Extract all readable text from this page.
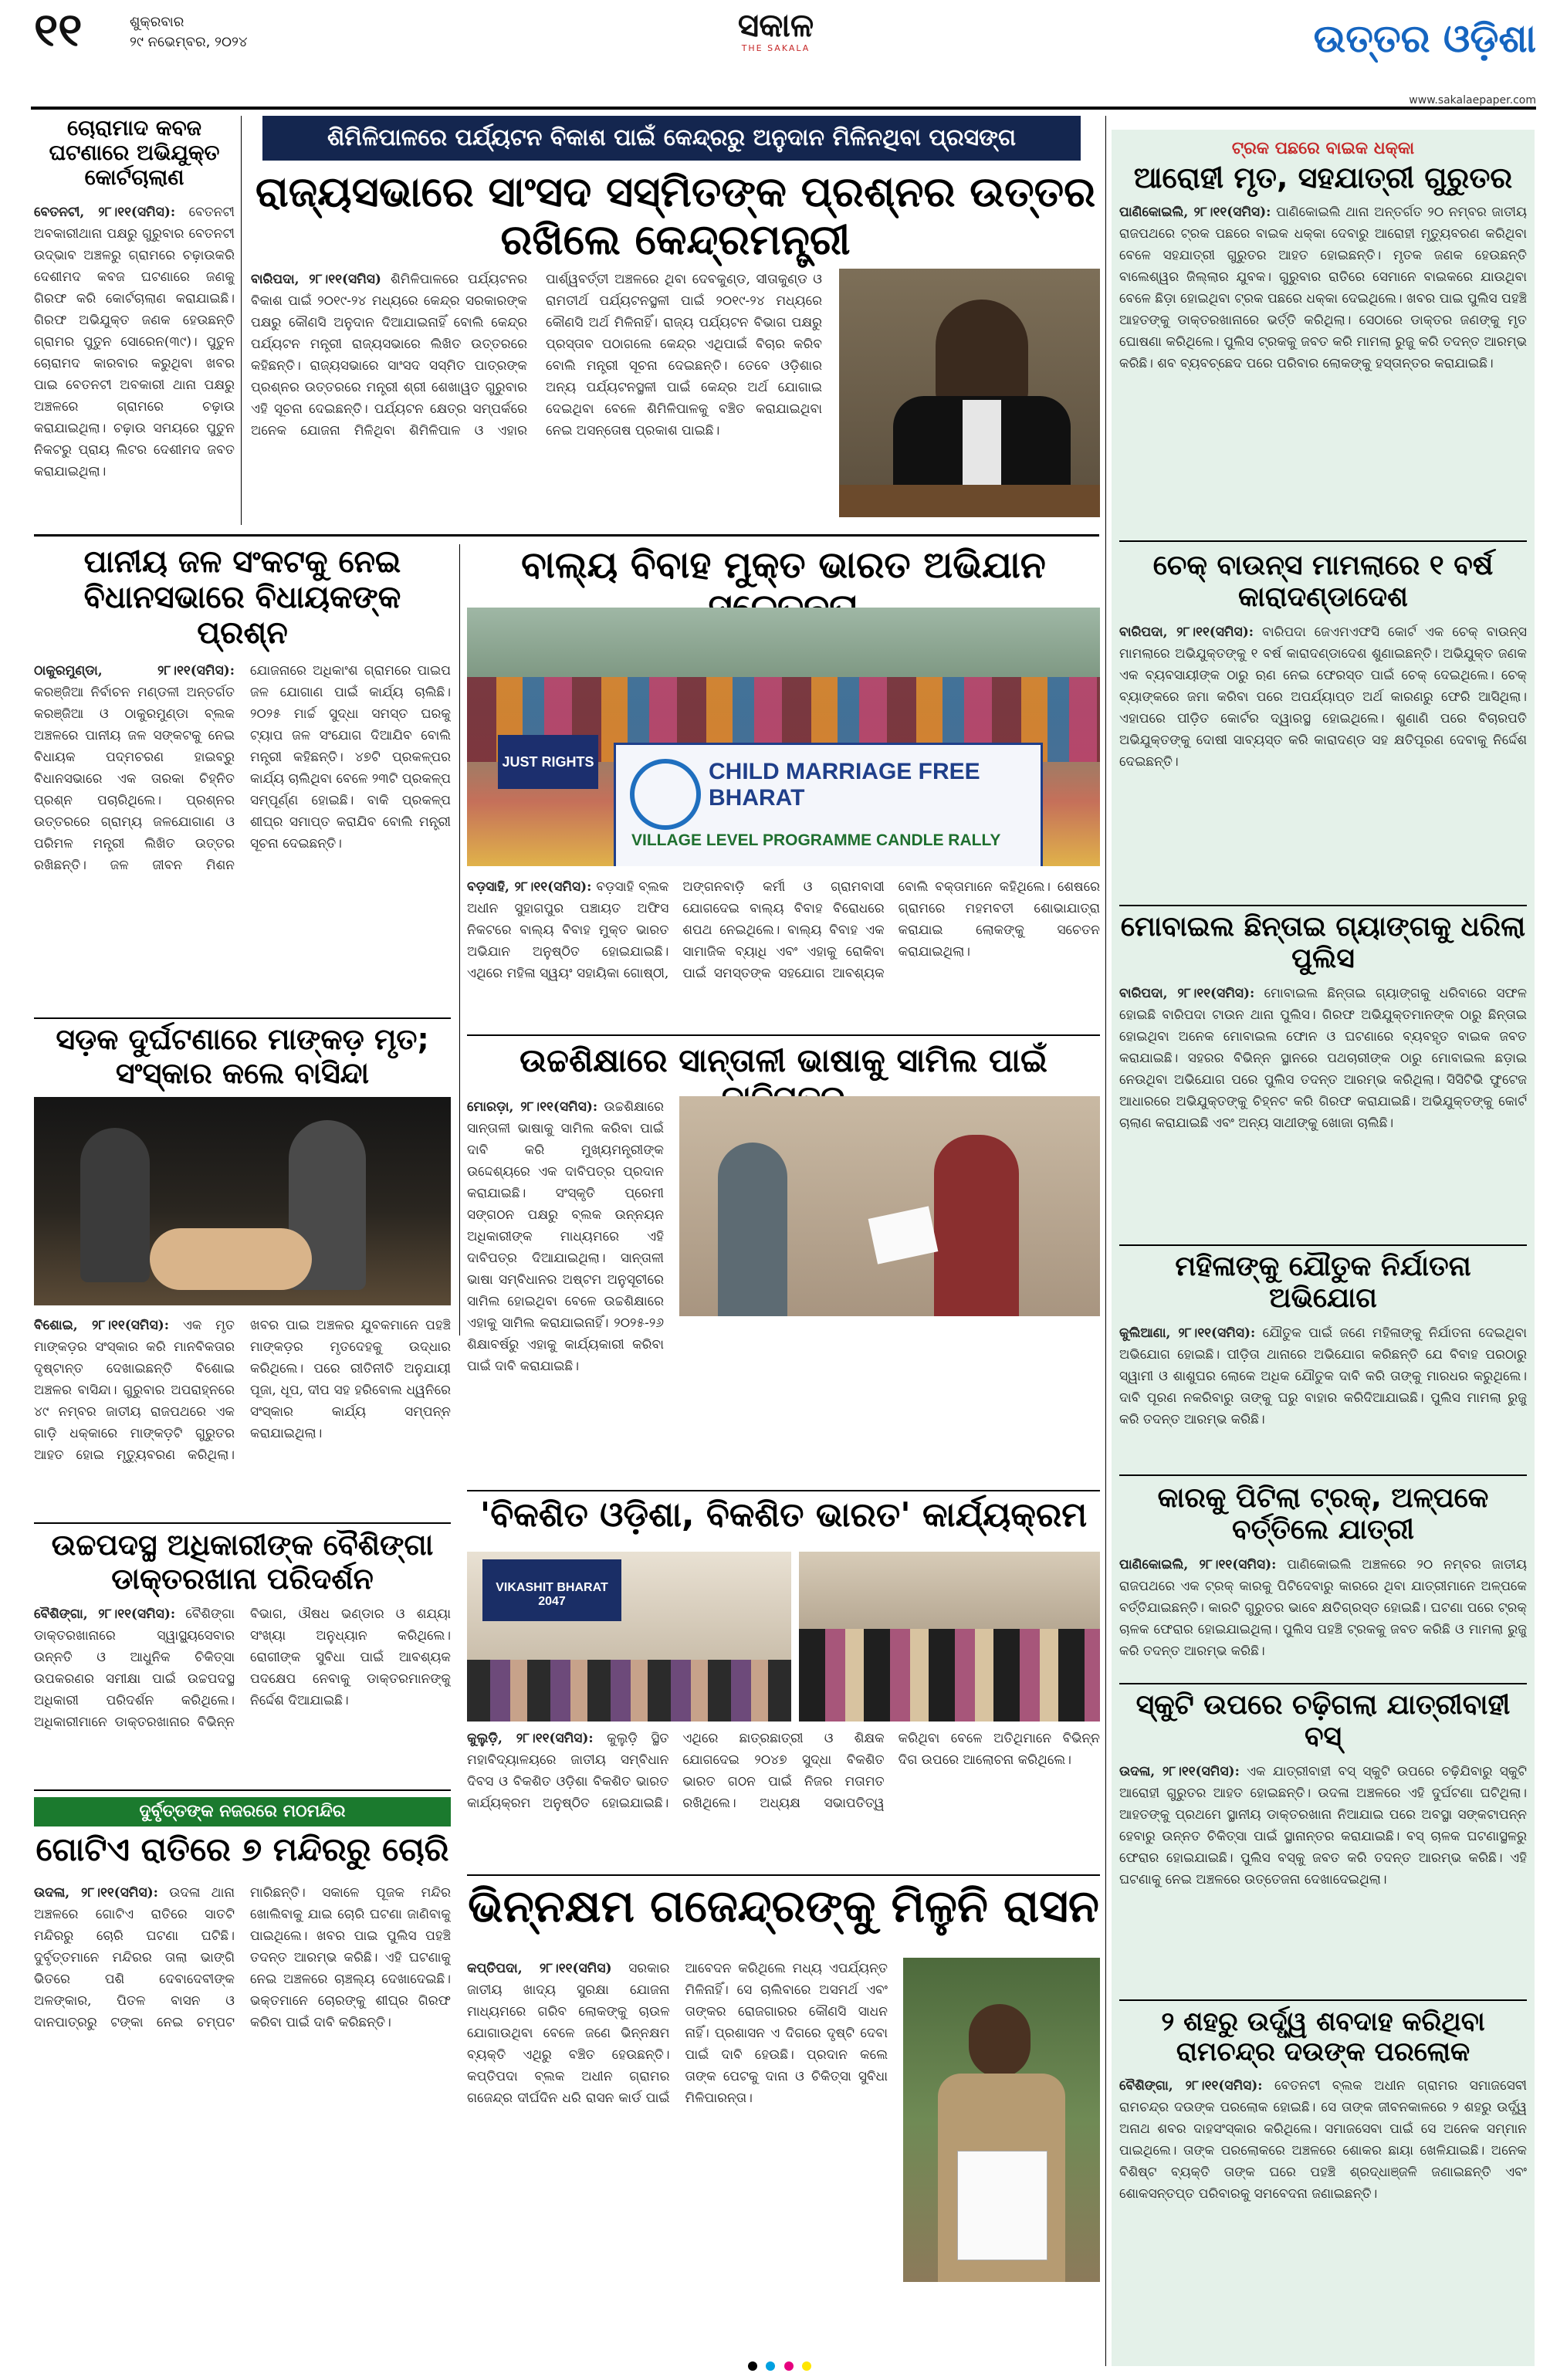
୧୧	ଶୁକ୍ରବାର
୨୯ ନଭେମ୍ବର, ୨୦୨୪	ସକାଳ
THE SAKALA	ଉତ୍ତର ଓଡ଼ିଶା
www.sakalaepaper.com
ଚୋରାମାଦ କବଜ ଘଟଣାରେ ଅଭିଯୁକ୍ତ କୋର୍ଟଚାଲାଣ
ବେତନଟୀ, ୨୮।୧୧(ସମିସ): ବେତନଟୀ ଅବକାରୀଥାନା ପକ୍ଷରୁ ଗୁରୁବାର ବେତନଟୀ ଉଦ୍ଭାବ ଅଞ୍ଚଳରୁ ଗ୍ରାମରେ ଚଢ଼ାଉକରି ଦେଶୀମଦ କବଜ ଘଟଣାରେ ଜଣକୁ ଗିରଫ କରି କୋର୍ଟଚାଲାଣ କରାଯାଇଛି। ଗିରଫ ଅଭିଯୁକ୍ତ ଜଣକ ହେଉଛନ୍ତି ଗ୍ରାମର ପୁତୁନ ସୋରେନ(୩୯)। ପୁତୁନ ଚୋରାମଦ କାରବାର କରୁଥିବା ଖବର ପାଇ ବେତନଟୀ ଅବକାରୀ ଥାନା ପକ୍ଷରୁ ଅଞ୍ଚଳରେ ଗ୍ରାମରେ ଚଢ଼ାଉ କରାଯାଇଥିଲା। ଚଢ଼ାଉ ସମୟରେ ପୁତୁନ ନିକଟରୁ ପ୍ରାୟ ଲିଟର ଦେଶୀମଦ ଜବତ କରାଯାଇଥିଲା।
ଶିମିଳିପାଳରେ ପର୍ଯ୍ୟଟନ ବିକାଶ ପାଇଁ କେନ୍ଦ୍ରରୁ ଅନୁଦାନ ମିଳିନଥିବା ପ୍ରସଙ୍ଗ
ରାଜ୍ୟସଭାରେ ସାଂସଦ ସସ୍ମିତଙ୍କ ପ୍ରଶ୍ନର ଉତ୍ତର ରଖିଲେ କେନ୍ଦ୍ରମନ୍ତ୍ରୀ
ବାରିପଦା, ୨୮।୧୧(ସମିସ) ଶିମିଳିପାଳରେ ପର୍ଯ୍ୟଟନର ବିକାଶ ପାଇଁ ୨୦୧୯-୨୪ ମଧ୍ୟରେ କେନ୍ଦ୍ର ସରକାରଙ୍କ ପକ୍ଷରୁ କୌଣସି ଅନୁଦାନ ଦିଆଯାଇନାହିଁ ବୋଲି କେନ୍ଦ୍ର ପର୍ଯ୍ୟଟନ ମନ୍ତ୍ରୀ ରାଜ୍ୟସଭାରେ ଲିଖିତ ଉତ୍ତରରେ କହିଛନ୍ତି। ରାଜ୍ୟସଭାରେ ସାଂସଦ ସସ୍ମିତ ପାତ୍ରଙ୍କ ପ୍ରଶ୍ନର ଉତ୍ତରରେ ମନ୍ତ୍ରୀ ଶ୍ରୀ ଶେଖାୱତ ଗୁରୁବାର ଏହି ସୂଚନା ଦେଇଛନ୍ତି। ପର୍ଯ୍ୟଟନ କ୍ଷେତ୍ର ସମ୍ପର୍କରେ ଅନେକ ଯୋଜନା ମିଳିଥିବା ଶିମିଳିପାଳ ଓ ଏହାର ପାର୍ଶ୍ୱବର୍ତ୍ତୀ ଅଞ୍ଚଳରେ ଥିବା ଦେବକୁଣ୍ଡ, ସୀତାକୁଣ୍ଡ ଓ ରାମତୀର୍ଥ ପର୍ଯ୍ୟଟନସ୍ଥଳୀ ପାଇଁ ୨୦୧୯-୨୪ ମଧ୍ୟରେ କୌଣସି ଅର୍ଥ ମିଳିନାହିଁ। ରାଜ୍ୟ ପର୍ଯ୍ୟଟନ ବିଭାଗ ପକ୍ଷରୁ ପ୍ରସ୍ତାବ ପଠାଗଲେ କେନ୍ଦ୍ର ଏଥିପାଇଁ ବିଚାର କରିବ ବୋଲି ମନ୍ତ୍ରୀ ସୂଚନା ଦେଇଛନ୍ତି। ତେବେ ଓଡ଼ିଶାର ଅନ୍ୟ ପର୍ଯ୍ୟଟନସ୍ଥଳୀ ପାଇଁ କେନ୍ଦ୍ର ଅର୍ଥ ଯୋଗାଇ ଦେଇଥିବା ବେଳେ ଶିମିଳିପାଳକୁ ବଞ୍ଚିତ କରାଯାଇଥିବା ନେଇ ଅସନ୍ତୋଷ ପ୍ରକାଶ ପାଇଛି।
ଟ୍ରକ ପଛରେ ବାଇକ ଧକ୍କା
ଆରୋହୀ ମୃତ, ସହଯାତ୍ରୀ ଗୁରୁତର
ପାଣିକୋଇଲି, ୨୮।୧୧(ସମିସ): ପାଣିକୋଇଲି ଥାନା ଅନ୍ତର୍ଗତ ୨୦ ନମ୍ବର ଜାତୀୟ ରାଜପଥରେ ଟ୍ରକ ପଛରେ ବାଇକ ଧକ୍କା ଦେବାରୁ ଆରୋହୀ ମୃତ୍ୟୁବରଣ କରିଥିବା ବେଳେ ସହଯାତ୍ରୀ ଗୁରୁତର ଆହତ ହୋଇଛନ୍ତି। ମୃତକ ଜଣକ ହେଉଛନ୍ତି ବାଲେଶ୍ୱର ଜିଲ୍ଲାର ଯୁବକ। ଗୁରୁବାର ରାତିରେ ସେମାନେ ବାଇକରେ ଯାଉଥିବା ବେଳେ ଛିଡ଼ା ହୋଇଥିବା ଟ୍ରକ ପଛରେ ଧକ୍କା ଦେଇଥିଲେ। ଖବର ପାଇ ପୁଲିସ ପହଞ୍ଚି ଆହତଙ୍କୁ ଡାକ୍ତରଖାନାରେ ଭର୍ତ୍ତି କରିଥିଲା। ସେଠାରେ ଡାକ୍ତର ଜଣଙ୍କୁ ମୃତ ଘୋଷଣା କରିଥିଲେ। ପୁଲିସ ଟ୍ରକକୁ ଜବତ କରି ମାମଲା ରୁଜୁ କରି ତଦନ୍ତ ଆରମ୍ଭ କରିଛି। ଶବ ବ୍ୟବଚ୍ଛେଦ ପରେ ପରିବାର ଲୋକଙ୍କୁ ହସ୍ତାନ୍ତର କରାଯାଇଛି।
ଚେକ୍ ବାଉନ୍ସ ମାମଲାରେ ୧ ବର୍ଷ କାରାଦଣ୍ଡାଦେଶ
ବାରିପଦା, ୨୮।୧୧(ସମିସ): ବାରିପଦା ଜେଏମଏଫସି କୋର୍ଟ ଏକ ଚେକ୍ ବାଉନ୍ସ ମାମଲାରେ ଅଭିଯୁକ୍ତଙ୍କୁ ୧ ବର୍ଷ କାରାଦଣ୍ଡାଦେଶ ଶୁଣାଇଛନ୍ତି। ଅଭିଯୁକ୍ତ ଜଣକ ଏକ ବ୍ୟବସାୟୀଙ୍କ ଠାରୁ ଋଣ ନେଇ ଫେରସ୍ତ ପାଇଁ ଚେକ୍ ଦେଇଥିଲେ। ଚେକ୍ ବ୍ୟାଙ୍କରେ ଜମା କରିବା ପରେ ଅପର୍ଯ୍ୟାପ୍ତ ଅର୍ଥ କାରଣରୁ ଫେରି ଆସିଥିଲା। ଏହାପରେ ପୀଡ଼ିତ କୋର୍ଟର ଦ୍ୱାରସ୍ଥ ହୋଇଥିଲେ। ଶୁଣାଣି ପରେ ବିଚାରପତି ଅଭିଯୁକ୍ତଙ୍କୁ ଦୋଷୀ ସାବ୍ୟସ୍ତ କରି କାରାଦଣ୍ଡ ସହ କ୍ଷତିପୂରଣ ଦେବାକୁ ନିର୍ଦ୍ଦେଶ ଦେଇଛନ୍ତି।
ମୋବାଇଲ ଛିନ୍ତାଇ ଗ୍ୟାଙ୍ଗକୁ ଧରିଲା ପୁଲିସ
ବାରିପଦା, ୨୮।୧୧(ସମିସ): ମୋବାଇଲ ଛିନ୍ତାଇ ଗ୍ୟାଙ୍ଗକୁ ଧରିବାରେ ସଫଳ ହୋଇଛି ବାରିପଦା ଟାଉନ ଥାନା ପୁଲିସ। ଗିରଫ ଅଭିଯୁକ୍ତମାନଙ୍କ ଠାରୁ ଛିନ୍ତାଇ ହୋଇଥିବା ଅନେକ ମୋବାଇଲ ଫୋନ ଓ ଘଟଣାରେ ବ୍ୟବହୃତ ବାଇକ ଜବତ କରାଯାଇଛି। ସହରର ବିଭିନ୍ନ ସ୍ଥାନରେ ପଥଚାରୀଙ୍କ ଠାରୁ ମୋବାଇଲ ଛଡ଼ାଇ ନେଉଥିବା ଅଭିଯୋଗ ପରେ ପୁଲିସ ତଦନ୍ତ ଆରମ୍ଭ କରିଥିଲା। ସିସିଟିଭି ଫୁଟେଜ ଆଧାରରେ ଅଭିଯୁକ୍ତଙ୍କୁ ଚିହ୍ନଟ କରି ଗିରଫ କରାଯାଇଛି। ଅଭିଯୁକ୍ତଙ୍କୁ କୋର୍ଟ ଚାଲାଣ କରାଯାଇଛି ଏବଂ ଅନ୍ୟ ସାଥୀଙ୍କୁ ଖୋଜା ଚାଲିଛି।
ମହିଳାଙ୍କୁ ଯୌତୁକ ନିର୍ଯାତନା ଅଭିଯୋଗ
କୁଲିଆଣା, ୨୮।୧୧(ସମିସ): ଯୌତୁକ ପାଇଁ ଜଣେ ମହିଳାଙ୍କୁ ନିର୍ଯାତନା ଦେଇଥିବା ଅଭିଯୋଗ ହୋଇଛି। ପୀଡ଼ିତା ଥାନାରେ ଅଭିଯୋଗ କରିଛନ୍ତି ଯେ ବିବାହ ପରଠାରୁ ସ୍ୱାମୀ ଓ ଶାଶୁଘର ଲୋକେ ଅଧିକ ଯୌତୁକ ଦାବି କରି ତାଙ୍କୁ ମାରଧର କରୁଥିଲେ। ଦାବି ପୂରଣ ନକରିବାରୁ ତାଙ୍କୁ ଘରୁ ବାହାର କରିଦିଆଯାଇଛି। ପୁଲିସ ମାମଲା ରୁଜୁ କରି ତଦନ୍ତ ଆରମ୍ଭ କରିଛି।
କାରକୁ ପିଟିଲା ଟ୍ରକ୍, ଅଳ୍ପକେ ବର୍ତ୍ତିଲେ ଯାତ୍ରୀ
ପାଣିକୋଇଲି, ୨୮।୧୧(ସମିସ): ପାଣିକୋଇଲି ଅଞ୍ଚଳରେ ୨୦ ନମ୍ବର ଜାତୀୟ ରାଜପଥରେ ଏକ ଟ୍ରକ୍ କାରକୁ ପିଟିଦେବାରୁ କାରରେ ଥିବା ଯାତ୍ରୀମାନେ ଅଳ୍ପକେ ବର୍ତ୍ତିଯାଇଛନ୍ତି। କାରଟି ଗୁରୁତର ଭାବେ କ୍ଷତିଗ୍ରସ୍ତ ହୋଇଛି। ଘଟଣା ପରେ ଟ୍ରକ୍ ଚାଳକ ଫେରାର ହୋଇଯାଇଥିଲା। ପୁଲିସ ପହଞ୍ଚି ଟ୍ରକକୁ ଜବତ କରିଛି ଓ ମାମଲା ରୁଜୁ କରି ତଦନ୍ତ ଆରମ୍ଭ କରିଛି।
ସ୍କୁଟି ଉପରେ ଚଢ଼ିଗଲା ଯାତ୍ରୀବାହୀ ବସ୍
ଉଦଳା, ୨୮।୧୧(ସମିସ): ଏକ ଯାତ୍ରୀବାହୀ ବସ୍ ସ୍କୁଟି ଉପରେ ଚଢ଼ିଯିବାରୁ ସ୍କୁଟି ଆରୋହୀ ଗୁରୁତର ଆହତ ହୋଇଛନ୍ତି। ଉଦଳା ଅଞ୍ଚଳରେ ଏହି ଦୁର୍ଘଟଣା ଘଟିଥିଲା। ଆହତଙ୍କୁ ପ୍ରଥମେ ସ୍ଥାନୀୟ ଡାକ୍ତରଖାନା ନିଆଯାଇ ପରେ ଅବସ୍ଥା ସଙ୍କଟାପନ୍ନ ହେବାରୁ ଉନ୍ନତ ଚିକିତ୍ସା ପାଇଁ ସ୍ଥାନାନ୍ତର କରାଯାଇଛି। ବସ୍ ଚାଳକ ଘଟଣାସ୍ଥଳରୁ ଫେରାର ହୋଇଯାଇଛି। ପୁଲିସ ବସ୍‌କୁ ଜବତ କରି ତଦନ୍ତ ଆରମ୍ଭ କରିଛି। ଏହି ଘଟଣାକୁ ନେଇ ଅଞ୍ଚଳରେ ଉତ୍ତେଜନା ଦେଖାଦେଇଥିଲା।
୨ ଶହରୁ ଉର୍ଦ୍ଧ୍ୱ ଶବଦାହ କରିଥିବା ରାମଚନ୍ଦ୍ର ଦଉଙ୍କ ପରଲୋକ
ବୈଶିଙ୍ଗା, ୨୮।୧୧(ସମିସ): ବେତନଟୀ ବ୍ଲକ ଅଧୀନ ଗ୍ରାମର ସମାଜସେବୀ ରାମଚନ୍ଦ୍ର ଦଉଙ୍କ ପରଲୋକ ହୋଇଛି। ସେ ତାଙ୍କ ଜୀବନକାଳରେ ୨ ଶହରୁ ଉର୍ଦ୍ଧ୍ୱ ଅନାଥ ଶବର ଦାହସଂସ୍କାର କରିଥିଲେ। ସମାଜସେବା ପାଇଁ ସେ ଅନେକ ସମ୍ମାନ ପାଇଥିଲେ। ତାଙ୍କ ପରଲୋକରେ ଅଞ୍ଚଳରେ ଶୋକର ଛାୟା ଖେଳିଯାଇଛି। ଅନେକ ବିଶିଷ୍ଟ ବ୍ୟକ୍ତି ତାଙ୍କ ଘରେ ପହଞ୍ଚି ଶ୍ରଦ୍ଧାଞ୍ଜଳି ଜଣାଇଛନ୍ତି ଏବଂ ଶୋକସନ୍ତପ୍ତ ପରିବାରକୁ ସମବେଦନା ଜଣାଇଛନ୍ତି।
ପାନୀୟ ଜଳ ସଂକଟକୁ ନେଇ ବିଧାନସଭାରେ ବିଧାୟକଙ୍କ ପ୍ରଶ୍ନ
ଠାକୁରମୁଣ୍ଡା, ୨୮।୧୧(ସମିସ): କରଞ୍ଜିଆ ନିର୍ବାଚନ ମଣ୍ଡଳୀ ଅନ୍ତର୍ଗତ କରଞ୍ଜିଆ ଓ ଠାକୁରମୁଣ୍ଡା ବ୍ଲକ ଅଞ୍ଚଳରେ ପାନୀୟ ଜଳ ସଙ୍କଟକୁ ନେଇ ବିଧାୟକ ପଦ୍ମଚରଣ ହାଇବ୍ରୁ ବିଧାନସଭାରେ ଏକ ତାରକା ଚିହ୍ନିତ ପ୍ରଶ୍ନ ପଚାରିଥିଲେ। ପ୍ରଶ୍ନର ଉତ୍ତରରେ ଗ୍ରାମ୍ୟ ଜଳଯୋଗାଣ ଓ ପରିମଳ ମନ୍ତ୍ରୀ ଲିଖିତ ଉତ୍ତର ରଖିଛନ୍ତି। ଜଳ ଜୀବନ ମିଶନ ଯୋଜନାରେ ଅଧିକାଂଶ ଗ୍ରାମରେ ପାଇପ ଜଳ ଯୋଗାଣ ପାଇଁ କାର୍ଯ୍ୟ ଚାଲିଛି। ୨୦୨୫ ମାର୍ଚ୍ଚ ସୁଦ୍ଧା ସମସ୍ତ ଘରକୁ ଟ୍ୟାପ ଜଳ ସଂଯୋଗ ଦିଆଯିବ ବୋଲି ମନ୍ତ୍ରୀ କହିଛନ୍ତି। ୪୭ଟି ପ୍ରକଳ୍ପର କାର୍ଯ୍ୟ ଚାଲିଥିବା ବେଳେ ୨୩ଟି ପ୍ରକଳ୍ପ ସମ୍ପୂର୍ଣ୍ଣ ହୋଇଛି। ବାକି ପ୍ରକଳ୍ପ ଶୀଘ୍ର ସମାପ୍ତ କରାଯିବ ବୋଲି ମନ୍ତ୍ରୀ ସୂଚନା ଦେଇଛନ୍ତି।
ବାଲ୍ୟ ବିବାହ ମୁକ୍ତ ଭାରତ ଅଭିଯାନ
CHILD MARRIAGE FREE BHARAT
VILLAGE LEVEL PROGRAMME CANDLE RALLY
JUST RIGHTS
ବଡ଼ସାହି, ୨୮।୧୧(ସମିସ): ବଡ଼ସାହି ବ୍ଲକ ଅଧୀନ ସୁହାଗପୁର ପଞ୍ଚାୟତ ଅଫିସ ନିକଟରେ ବାଲ୍ୟ ବିବାହ ମୁକ୍ତ ଭାରତ ଅଭିଯାନ ଅନୁଷ୍ଠିତ ହୋଇଯାଇଛି। ଏଥିରେ ମହିଳା ସ୍ୱୟଂ ସହାୟିକା ଗୋଷ୍ଠୀ, ଅଙ୍ଗନବାଡ଼ି କର୍ମୀ ଓ ଗ୍ରାମବାସୀ ଯୋଗଦେଇ ବାଲ୍ୟ ବିବାହ ବିରୋଧରେ ଶପଥ ନେଇଥିଲେ। ବାଲ୍ୟ ବିବାହ ଏକ ସାମାଜିକ ବ୍ୟାଧି ଏବଂ ଏହାକୁ ରୋକିବା ପାଇଁ ସମସ୍ତଙ୍କ ସହଯୋଗ ଆବଶ୍ୟକ ବୋଲି ବକ୍ତାମାନେ କହିଥିଲେ। ଶେଷରେ ଗ୍ରାମରେ ମହମବତୀ ଶୋଭାଯାତ୍ରା କରାଯାଇ ଲୋକଙ୍କୁ ସଚେତନ କରାଯାଇଥିଲା।
ସଡ଼କ ଦୁର୍ଘଟଣାରେ ମାଙ୍କଡ଼ ମୃତ; ସଂସ୍କାର କଲେ ବାସିନ୍ଦା
ବିଶୋଇ, ୨୮।୧୧(ସମିସ): ଏକ ମୃତ ମାଙ୍କଡ଼ର ସଂସ୍କାର କରି ମାନବିକତାର ଦୃଷ୍ଟାନ୍ତ ଦେଖାଇଛନ୍ତି ବିଶୋଇ ଅଞ୍ଚଳର ବାସିନ୍ଦା। ଗୁରୁବାର ଅପରାହ୍ନରେ ୪୯ ନମ୍ବର ଜାତୀୟ ରାଜପଥରେ ଏକ ଗାଡ଼ି ଧକ୍କାରେ ମାଙ୍କଡ଼ଟି ଗୁରୁତର ଆହତ ହୋଇ ମୃତ୍ୟୁବରଣ କରିଥିଲା। ଖବର ପାଇ ଅଞ୍ଚଳର ଯୁବକମାନେ ପହଞ୍ଚି ମାଙ୍କଡ଼ର ମୃତଦେହକୁ ଉଦ୍ଧାର କରିଥିଲେ। ପରେ ରୀତିନୀତି ଅନୁଯାୟୀ ପୂଜା, ଧୂପ, ଦୀପ ସହ ହରିବୋଲ ଧ୍ୱନିରେ ସଂସ୍କାର କାର୍ଯ୍ୟ ସମ୍ପନ୍ନ କରାଯାଇଥିଲା।
ଉଚ୍ଚଶିକ୍ଷାରେ ସାନ୍ତାଳୀ ଭାଷାକୁ ସାମିଲ ପାଇଁ
ମୋରଡ଼ା, ୨୮।୧୧(ସମିସ): ଉଚ୍ଚଶିକ୍ଷାରେ ସାନ୍ତାଳୀ ଭାଷାକୁ ସାମିଲ କରିବା ପାଇଁ ଦାବି କରି ମୁଖ୍ୟମନ୍ତ୍ରୀଙ୍କ ଉଦ୍ଦେଶ୍ୟରେ ଏକ ଦାବିପତ୍ର ପ୍ରଦାନ କରାଯାଇଛି। ସଂସ୍କୃତି ପ୍ରେମୀ ସଙ୍ଗଠନ ପକ୍ଷରୁ ବ୍ଲକ ଉନ୍ନୟନ ଅଧିକାରୀଙ୍କ ମାଧ୍ୟମରେ ଏହି ଦାବିପତ୍ର ଦିଆଯାଇଥିଲା। ସାନ୍ତାଳୀ ଭାଷା ସମ୍ବିଧାନର ଅଷ୍ଟମ ଅନୁସୂଚୀରେ ସାମିଲ ହୋଇଥିବା ବେଳେ ଉଚ୍ଚଶିକ୍ଷାରେ ଏହାକୁ ସାମିଲ କରାଯାଇନାହିଁ। ୨୦୨୫-୨୬ ଶିକ୍ଷାବର୍ଷରୁ ଏହାକୁ କାର୍ଯ୍ୟକାରୀ କରିବା ପାଇଁ ଦାବି କରାଯାଇଛି।
ଉଚ୍ଚପଦସ୍ଥ ଅଧିକାରୀଙ୍କ ବୈଶିଙ୍ଗା ଡାକ୍ତରଖାନା ପରିଦର୍ଶନ
ବୈଶିଙ୍ଗା, ୨୮।୧୧(ସମିସ): ବୈଶିଙ୍ଗା ଡାକ୍ତରଖାନାରେ ସ୍ୱାସ୍ଥ୍ୟସେବାର ଉନ୍ନତି ଓ ଆଧୁନିକ ଚିକିତ୍ସା ଉପକରଣର ସମୀକ୍ଷା ପାଇଁ ଉଚ୍ଚପଦସ୍ଥ ଅଧିକାରୀ ପରିଦର୍ଶନ କରିଥିଲେ। ଅଧିକାରୀମାନେ ଡାକ୍ତରଖାନାର ବିଭିନ୍ନ ବିଭାଗ, ଔଷଧ ଭଣ୍ଡାର ଓ ଶଯ୍ୟା ସଂଖ୍ୟା ଅନୁଧ୍ୟାନ କରିଥିଲେ। ରୋଗୀଙ୍କ ସୁବିଧା ପାଇଁ ଆବଶ୍ୟକ ପଦକ୍ଷେପ ନେବାକୁ ଡାକ୍ତରମାନଙ୍କୁ ନିର୍ଦ୍ଦେଶ ଦିଆଯାଇଛି।
'ବିକଶିତ ଓଡ଼ିଶା, ବିକଶିତ ଭାରତ' କାର୍ଯ୍ୟକ୍ରମ
VIKASHIT BHARAT 2047
କୁଲୁଡ଼ି, ୨୮।୧୧(ସମିସ): କୁଲୁଡ଼ି ସ୍ଥିତ ମହାବିଦ୍ୟାଳୟରେ ଜାତୀୟ ସମ୍ବିଧାନ ଦିବସ ଓ ବିକଶିତ ଓଡ଼ିଶା ବିକଶିତ ଭାରତ କାର୍ଯ୍ୟକ୍ରମ ଅନୁଷ୍ଠିତ ହୋଇଯାଇଛି। ଏଥିରେ ଛାତ୍ରଛାତ୍ରୀ ଓ ଶିକ୍ଷକ ଯୋଗଦେଇ ୨୦୪୭ ସୁଦ୍ଧା ବିକଶିତ ଭାରତ ଗଠନ ପାଇଁ ନିଜର ମତାମତ ରଖିଥିଲେ। ଅଧ୍ୟକ୍ଷ ସଭାପତିତ୍ୱ କରିଥିବା ବେଳେ ଅତିଥିମାନେ ବିଭିନ୍ନ ଦିଗ ଉପରେ ଆଲୋଚନା କରିଥିଲେ।
ଦୁର୍ବୃତ୍ତଙ୍କ ନଜରରେ ମଠମନ୍ଦିର
ଗୋଟିଏ ରାତିରେ ୭ ମନ୍ଦିରରୁ ଚୋରି
ଉଦଳା, ୨୮।୧୧(ସମିସ): ଉଦଳା ଥାନା ଅଞ୍ଚଳରେ ଗୋଟିଏ ରାତିରେ ସାତଟି ମନ୍ଦିରରୁ ଚୋରି ଘଟଣା ଘଟିଛି। ଦୁର୍ବୃତ୍ତମାନେ ମନ୍ଦିରର ତାଲା ଭାଙ୍ଗି ଭିତରେ ପଶି ଦେବାଦେବୀଙ୍କ ଅଳଙ୍କାର, ପିତଳ ବାସନ ଓ ଦାନପାତ୍ରରୁ ଟଙ୍କା ନେଇ ଚମ୍ପଟ ମାରିଛନ୍ତି। ସକାଳେ ପୂଜକ ମନ୍ଦିର ଖୋଲିବାକୁ ଯାଇ ଚୋରି ଘଟଣା ଜାଣିବାକୁ ପାଇଥିଲେ। ଖବର ପାଇ ପୁଲିସ ପହଞ୍ଚି ତଦନ୍ତ ଆରମ୍ଭ କରିଛି। ଏହି ଘଟଣାକୁ ନେଇ ଅଞ୍ଚଳରେ ଚାଞ୍ଚଲ୍ୟ ଦେଖାଦେଇଛି। ଭକ୍ତମାନେ ଚୋରଙ୍କୁ ଶୀଘ୍ର ଗିରଫ କରିବା ପାଇଁ ଦାବି କରିଛନ୍ତି।
ଭିନ୍ନକ୍ଷମ ଗଜେନ୍ଦ୍ରଙ୍କୁ ମିଳୁନି ରାସନ
କପ୍ତିପଦା, ୨୮।୧୧(ସମିସ) ସରକାର ଜାତୀୟ ଖାଦ୍ୟ ସୁରକ୍ଷା ଯୋଜନା ମାଧ୍ୟମରେ ଗରିବ ଲୋକଙ୍କୁ ଚାଉଳ ଯୋଗାଉଥିବା ବେଳେ ଜଣେ ଭିନ୍ନକ୍ଷମ ବ୍ୟକ୍ତି ଏଥିରୁ ବଞ୍ଚିତ ହେଉଛନ୍ତି। କପ୍ତିପଦା ବ୍ଲକ ଅଧୀନ ଗ୍ରାମର ଗଜେନ୍ଦ୍ର ଦୀର୍ଘଦିନ ଧରି ରାସନ କାର୍ଡ ପାଇଁ ଆବେଦନ କରିଥିଲେ ମଧ୍ୟ ଏପର୍ଯ୍ୟନ୍ତ ମିଳିନାହିଁ। ସେ ଚାଲିବାରେ ଅସମର୍ଥ ଏବଂ ତାଙ୍କର ରୋଜଗାରର କୌଣସି ସାଧନ ନାହିଁ। ପ୍ରଶାସନ ଏ ଦିଗରେ ଦୃଷ୍ଟି ଦେବା ପାଇଁ ଦାବି ହେଉଛି। ପ୍ରଦାନ କଲେ ତାଙ୍କ ପେଟକୁ ଦାନା ଓ ଚିକିତ୍ସା ସୁବିଧା ମିଳିପାରନ୍ତା।
